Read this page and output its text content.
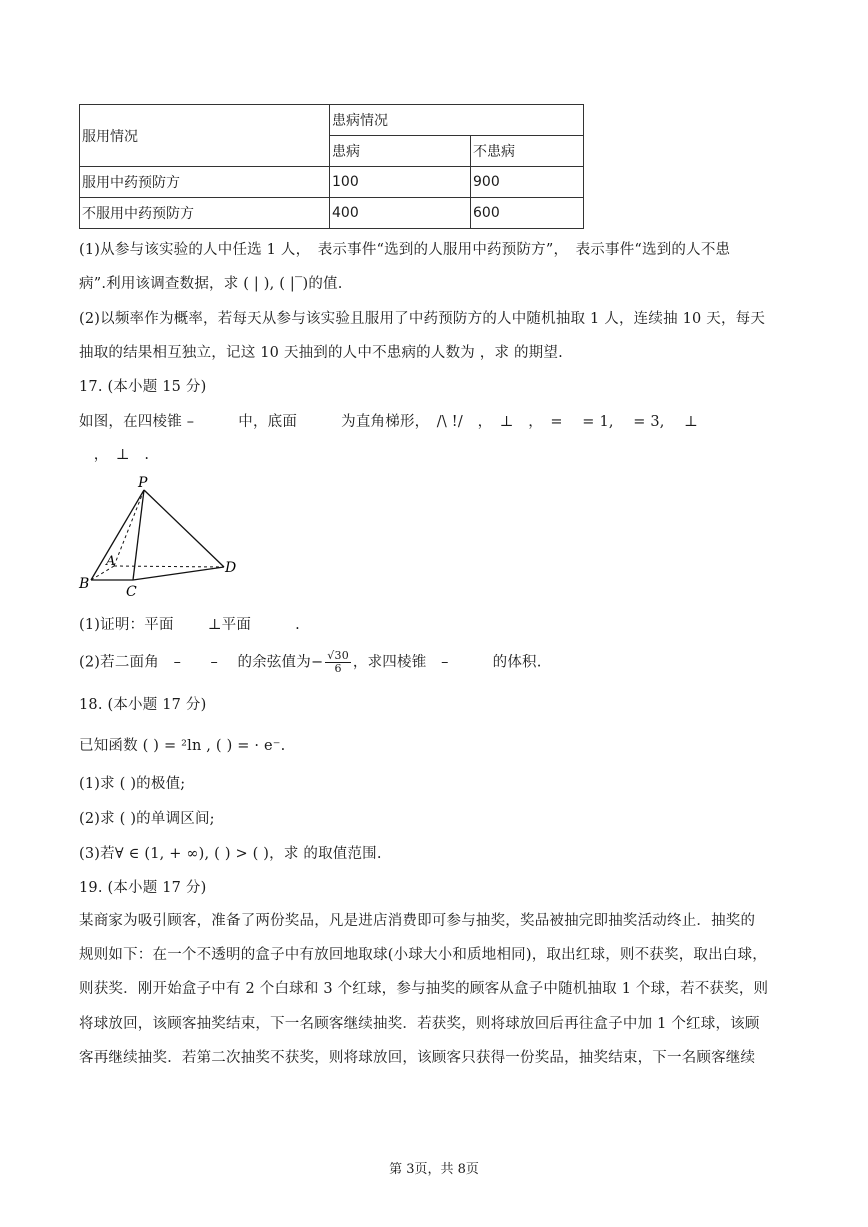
服用情况	患病情况	
	患病	不患病
服用中药预防方	100	900
不服用中药预防方	400	600
(1)从参与该实验的人中任选 1 人，　表示事件“选到的人服用中药预防方”，　表示事件“选到的人不患
病”.利用该调查数据，求 ( | ), ( |‾)的值.
(2)以频率作为概率，若每天从参与该实验且服用了中药预防方的人中随机抽取 1 人，连续抽 10 天，每天
抽取的结果相互独立，记这 10 天抽到的人中不患病的人数为 ，求 的期望.
17. (本小题 15 分)
如图，在四棱锥 –　　　中，底面　　　为直角梯形，　/\ !/　，　⊥　，　=　 = 1,　 = 3,　 ⊥
　，　⊥　.
P
A
B	C
D
(1)证明：平面　　 ⊥平面　　　.
(2)若二面角　–　　–　 的余弦值为− $\frac{√30}{6}$ ，求四棱锥　–　　　的体积.
18. (本小题 17 分)
已知函数 ( ) = ²ln , ( ) = · e⁻.
(1)求 ( )的极值;
(2)求 ( )的单调区间;
(3)若∀ ∈ (1, + ∞), ( ) > ( )，求 的取值范围.
19. (本小题 17 分)
某商家为吸引顾客，准备了两份奖品，凡是进店消费即可参与抽奖，奖品被抽完即抽奖活动终止．抽奖的
规则如下：在一个不透明的盒子中有放回地取球(小球大小和质地相同)，取出红球，则不获奖，取出白球，
则获奖．刚开始盒子中有 2 个白球和 3 个红球，参与抽奖的顾客从盒子中随机抽取 1 个球，若不获奖，则
将球放回，该顾客抽奖结束，下一名顾客继续抽奖．若获奖，则将球放回后再往盒子中加 1 个红球，该顾
客再继续抽奖．若第二次抽奖不获奖，则将球放回，该顾客只获得一份奖品，抽奖结束，下一名顾客继续
第 3页，共 8页
